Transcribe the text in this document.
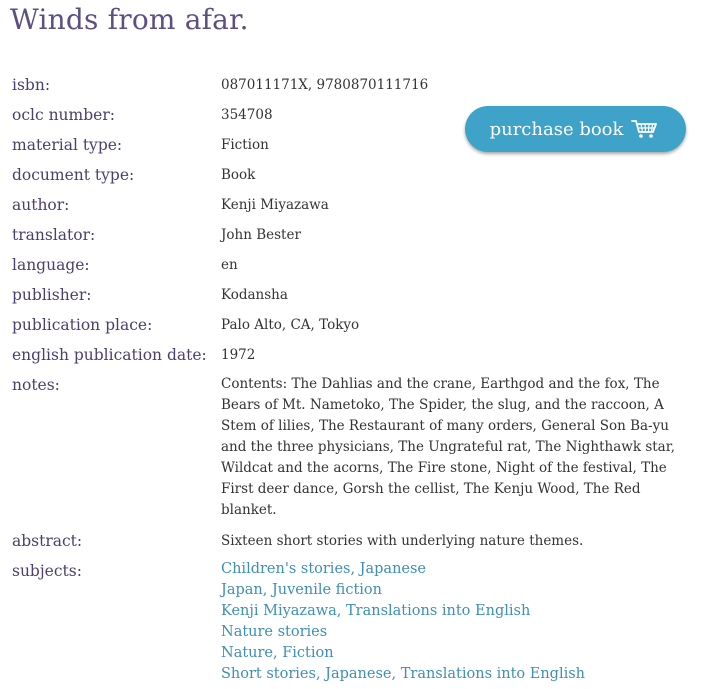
Winds from afar.
purchase book
isbn:	087011171X, 9780870111716
oclc number:	354708
material type:	Fiction
document type:	Book
author:	Kenji Miyazawa
translator:	John Bester
language:	en
publisher:	Kodansha
publication place:	Palo Alto, CA, Tokyo
english publication date:	1972
notes:	Contents: The Dahlias and the crane, Earthgod and the fox, The Bears of Mt. Nametoko, The Spider, the slug, and the raccoon, A Stem of lilies, The Restaurant of many orders, General Son Ba-yu and the three physicians, The Ungrateful rat, The Nighthawk star, Wildcat and the acorns, The Fire stone, Night of the festival, The First deer dance, Gorsh the cellist, The Kenju Wood, The Red blanket.
abstract:	Sixteen short stories with underlying nature themes.
subjects:	Children's stories, Japanese
Japan, Juvenile fiction
Kenji Miyazawa, Translations into English
Nature stories
Nature, Fiction
Short stories, Japanese, Translations into English
